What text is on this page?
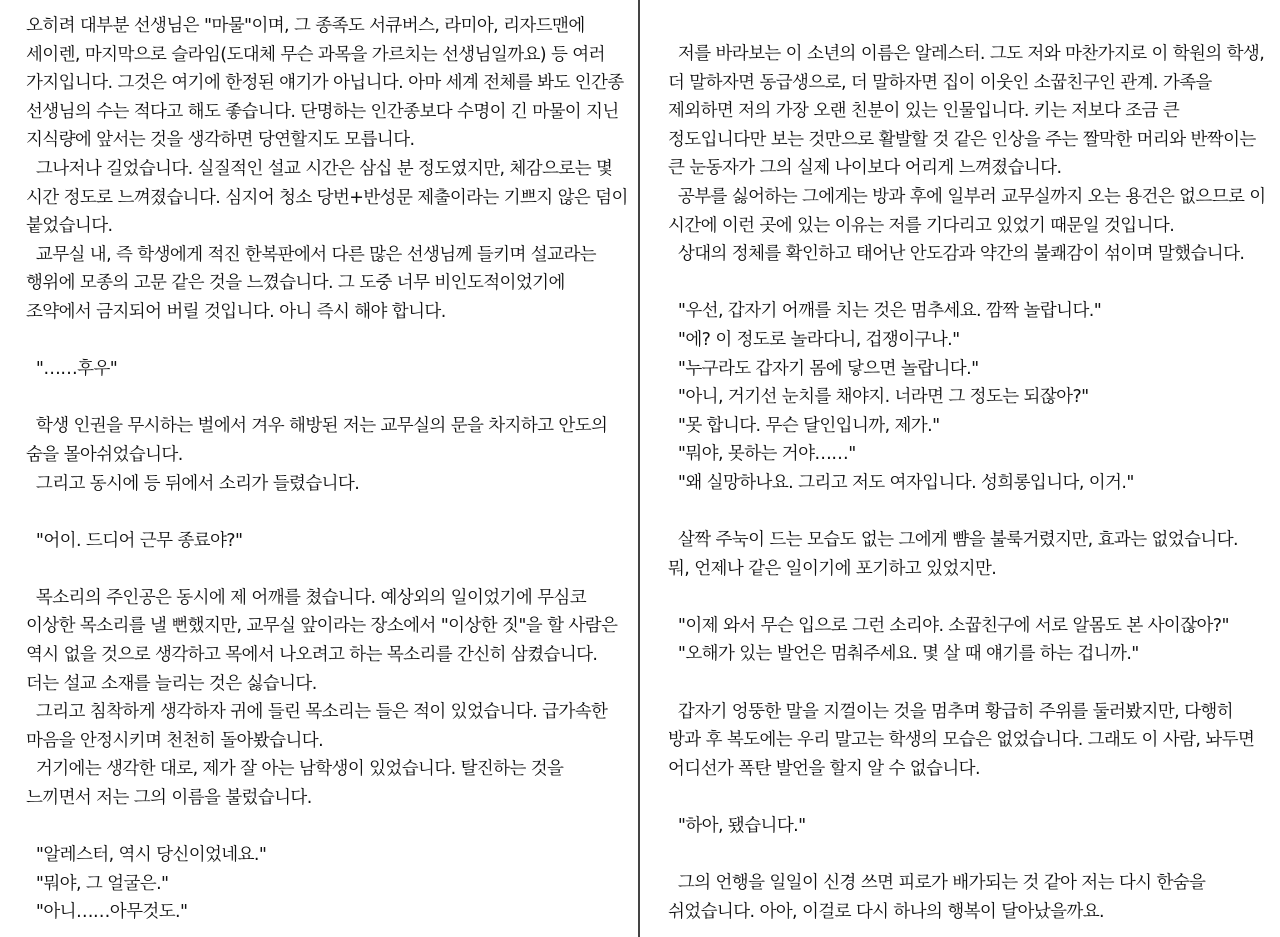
오히려 대부분 선생님은 "마물"이며, 그 종족도 서큐버스, 라미아, 리자드맨에

세이렌, 마지막으로 슬라임(도대체 무슨 과목을 가르치는 선생님일까요) 등 여러

가지입니다. 그것은 여기에 한정된 얘기가 아닙니다. 아마 세계 전체를 봐도 인간종

선생님의 수는 적다고 해도 좋습니다. 단명하는 인간종보다 수명이 긴 마물이 지닌

지식량에 앞서는 것을 생각하면 당연할지도 모릅니다.

그나저나 길었습니다. 실질적인 설교 시간은 삼십 분 정도였지만, 체감으로는 몇

시간 정도로 느껴졌습니다. 심지어 청소 당번+반성문 제출이라는 기쁘지 않은 덤이

붙었습니다.

교무실 내, 즉 학생에게 적진 한복판에서 다른 많은 선생님께 들키며 설교라는

행위에 모종의 고문 같은 것을 느꼈습니다. 그 도중 너무 비인도적이었기에

조약에서 금지되어 버릴 것입니다. 아니 즉시 해야 합니다.

"……후우"

학생 인권을 무시하는 벌에서 겨우 해방된 저는 교무실의 문을 차지하고 안도의

숨을 몰아쉬었습니다.

그리고 동시에 등 뒤에서 소리가 들렸습니다.

"어이. 드디어 근무 종료야?"

목소리의 주인공은 동시에 제 어깨를 쳤습니다. 예상외의 일이었기에 무심코

이상한 목소리를 낼 뻔했지만, 교무실 앞이라는 장소에서 "이상한 짓"을 할 사람은

역시 없을 것으로 생각하고 목에서 나오려고 하는 목소리를 간신히 삼켰습니다.

더는 설교 소재를 늘리는 것은 싫습니다.

그리고 침착하게 생각하자 귀에 들린 목소리는 들은 적이 있었습니다. 급가속한

마음을 안정시키며 천천히 돌아봤습니다.

거기에는 생각한 대로, 제가 잘 아는 남학생이 있었습니다. 탈진하는 것을

느끼면서 저는 그의 이름을 불렀습니다.

"알레스터, 역시 당신이었네요."

"뭐야, 그 얼굴은."

"아니……아무것도."

저를 바라보는 이 소년의 이름은 알레스터. 그도 저와 마찬가지로 이 학원의 학생,

더 말하자면 동급생으로, 더 말하자면 집이 이웃인 소꿉친구인 관계. 가족을

제외하면 저의 가장 오랜 친분이 있는 인물입니다. 키는 저보다 조금 큰

정도입니다만 보는 것만으로 활발할 것 같은 인상을 주는 짤막한 머리와 반짝이는

큰 눈동자가 그의 실제 나이보다 어리게 느껴졌습니다.

공부를 싫어하는 그에게는 방과 후에 일부러 교무실까지 오는 용건은 없으므로 이

시간에 이런 곳에 있는 이유는 저를 기다리고 있었기 때문일 것입니다.

상대의 정체를 확인하고 태어난 안도감과 약간의 불쾌감이 섞이며 말했습니다.

"우선, 갑자기 어깨를 치는 것은 멈추세요. 깜짝 놀랍니다."

"에? 이 정도로 놀라다니, 겁쟁이구나."

"누구라도 갑자기 몸에 닿으면 놀랍니다."

"아니, 거기선 눈치를 채야지. 너라면 그 정도는 되잖아?"

"못 합니다. 무슨 달인입니까, 제가."

"뭐야, 못하는 거야……"

"왜 실망하나요. 그리고 저도 여자입니다. 성희롱입니다, 이거."

살짝 주눅이 드는 모습도 없는 그에게 뺨을 불룩거렸지만, 효과는 없었습니다.

뭐, 언제나 같은 일이기에 포기하고 있었지만.

"이제 와서 무슨 입으로 그런 소리야. 소꿉친구에 서로 알몸도 본 사이잖아?"

"오해가 있는 발언은 멈춰주세요. 몇 살 때 얘기를 하는 겁니까."

갑자기 엉뚱한 말을 지껄이는 것을 멈추며 황급히 주위를 둘러봤지만, 다행히

방과 후 복도에는 우리 말고는 학생의 모습은 없었습니다. 그래도 이 사람, 놔두면

어디선가 폭탄 발언을 할지 알 수 없습니다.

"하아, 됐습니다."

그의 언행을 일일이 신경 쓰면 피로가 배가되는 것 같아 저는 다시 한숨을

쉬었습니다. 아아, 이걸로 다시 하나의 행복이 달아났을까요.
